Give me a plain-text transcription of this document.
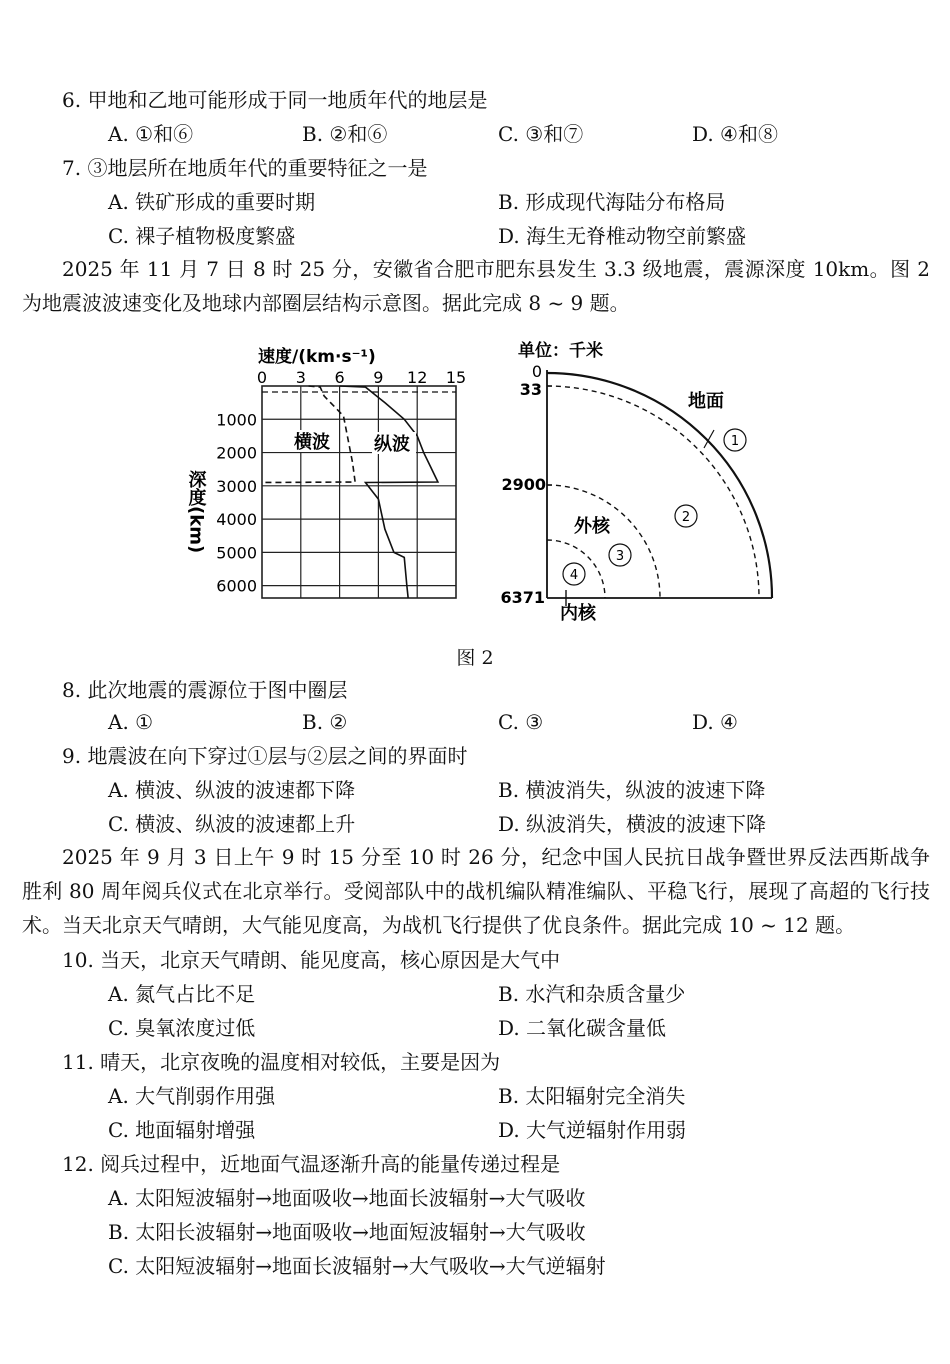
6. 甲地和乙地可能形成于同一地质年代的地层是
A. ①和⑥	B. ②和⑥	C. ③和⑦	D. ④和⑧
7. ③地层所在地质年代的重要特征之一是
A. 铁矿形成的重要时期	B. 形成现代海陆分布格局
C. 裸子植物极度繁盛	D. 海生无脊椎动物空前繁盛
2025 年 11 月 7 日 8 时 25 分，安徽省合肥市肥东县发生 3.3 级地震，震源深度 10km。图 2 为地震波波速变化及地球内部圈层结构示意图。据此完成 8 ~ 9 题。
速度/(km·s⁻¹)
0 3 6 9 12 15
1000
2000
3000
4000
5000
6000
深度(km)
横波 纵波
单位：千米
0
33
2900
6371
地面
1
2
外核
3
4
内核
图 2
8. 此次地震的震源位于图中圈层
A. ①	B. ②	C. ③	D. ④
9. 地震波在向下穿过①层与②层之间的界面时
A. 横波、纵波的波速都下降	B. 横波消失，纵波的波速下降
C. 横波、纵波的波速都上升	D. 纵波消失，横波的波速下降
2025 年 9 月 3 日上午 9 时 15 分至 10 时 26 分，纪念中国人民抗日战争暨世界反法西斯战争胜利 80 周年阅兵仪式在北京举行。受阅部队中的战机编队精准编队、平稳飞行，展现了高超的飞行技术。当天北京天气晴朗，大气能见度高，为战机飞行提供了优良条件。据此完成 10 ~ 12 题。
10. 当天，北京天气晴朗、能见度高，核心原因是大气中
A. 氮气占比不足	B. 水汽和杂质含量少
C. 臭氧浓度过低	D. 二氧化碳含量低
11. 晴天，北京夜晚的温度相对较低，主要是因为
A. 大气削弱作用强	B. 太阳辐射完全消失
C. 地面辐射增强	D. 大气逆辐射作用弱
12. 阅兵过程中，近地面气温逐渐升高的能量传递过程是
A. 太阳短波辐射→地面吸收→地面长波辐射→大气吸收
B. 太阳长波辐射→地面吸收→地面短波辐射→大气吸收
C. 太阳短波辐射→地面长波辐射→大气吸收→大气逆辐射
